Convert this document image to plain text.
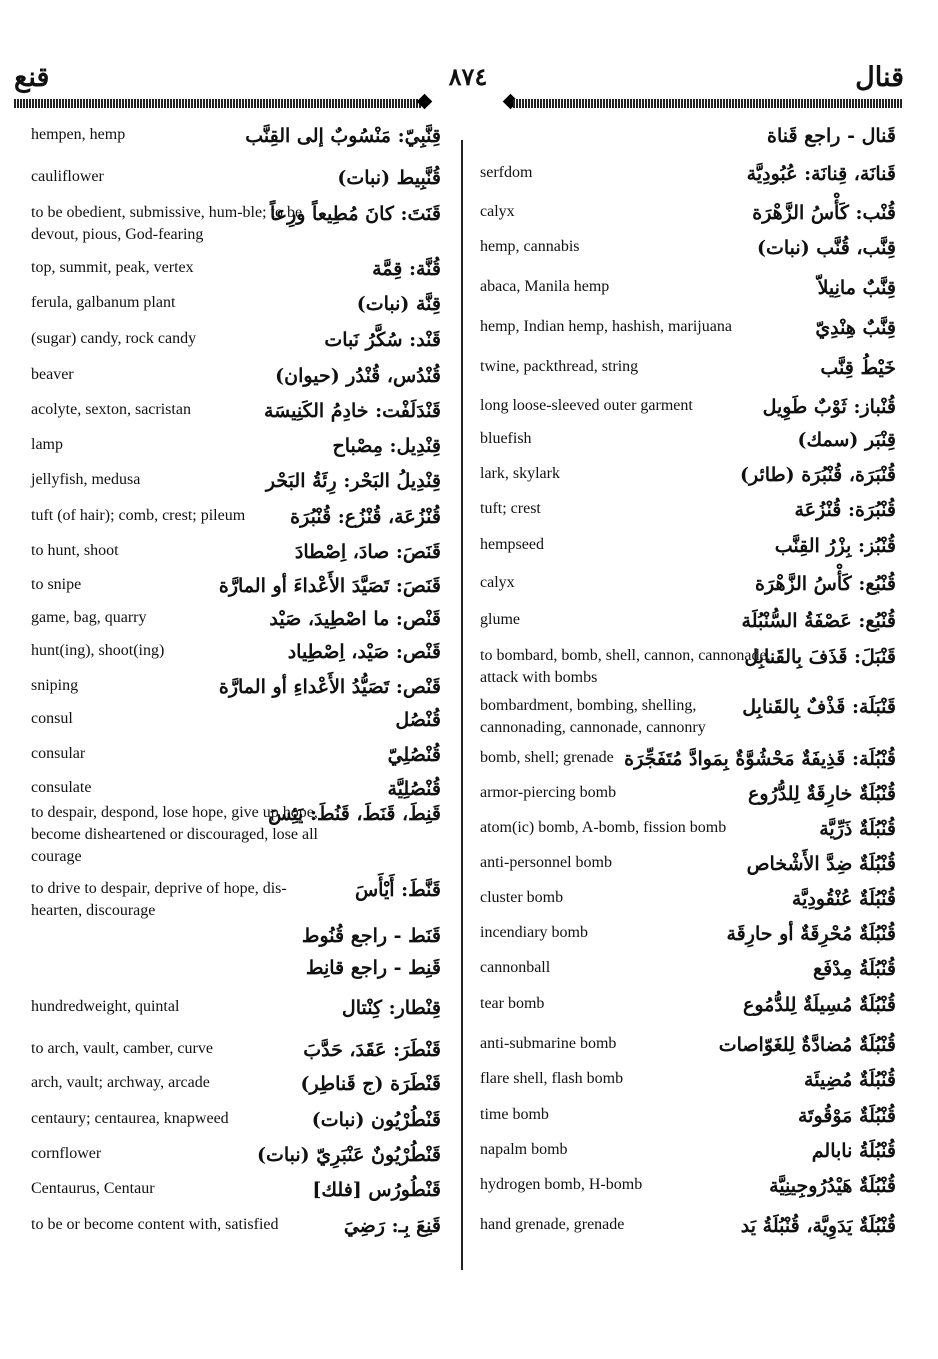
قنع	٨٧٤	قنال
hempen, hemp	قِنَّبِيّ: مَنْسُوبٌ إلى القِنَّب
cauliflower	قُنَّبِيط (نبات)
to be obedient, submissive, hum-ble; to be devout, pious, God-fearing
قَنَتَ: كانَ مُطِيعاً ورِعاً
top, summit, peak, vertex	قُنَّة: قِمَّة
ferula, galbanum plant	قِنَّة (نبات)
(sugar) candy, rock candy	قَنْد: سُكَّرُ نَبات
beaver	قُنْدُس، قُنْدُر (حيوان)
acolyte, sexton, sacristan	قَنْدَلَفْت: خادِمُ الكَنِيسَة
lamp	قِنْدِيل: مِصْباح
jellyfish, medusa	قِنْدِيلُ البَحْر: رِئَةُ البَحْر
tuft (of hair); comb, crest; pileum	قُنْزُعَة، قُنْزُع: قُنْبُرَة
to hunt, shoot	قَنَصَ: صادَ، اِصْطادَ
to snipe	قَنَصَ: تَصَيَّدَ الأَعْداءَ أو المارَّة
game, bag, quarry	قَنْص: ما اصْطِيدَ، صَيْد
hunt(ing), shoot(ing)	قَنْص: صَيْد، اِصْطِياد
sniping	قَنْص: تَصَيُّدُ الأَعْداءِ أو المارَّة
consul	قُنْصُل
consular	قُنْصُلِيّ
consulate	قُنْصُلِيَّة
to despair, despond, lose hope, give up hope, become disheartened or discouraged, lose all courage
قَنِطَ، قَنَطَ، قَنُطَ: يَئِسَ
to drive to despair, deprive of hope, dis-hearten, discourage
قَنَّطَ: أَيْأَسَ
قَنَط - راجع قُنُوط
قَنِط - راجع قانِط
hundredweight, quintal	قِنْطار: كِنْتال
to arch, vault, camber, curve	قَنْطَرَ: عَقَدَ، حَدَّبَ
arch, vault; archway, arcade	قَنْطَرَة (ج قَناطِر)
centaury; centaurea, knapweed	قَنْطُرْيُون (نبات)
cornflower	قَنْطُرْيُونٌ عَنْبَرِيّ (نبات)
Centaurus, Centaur	قَنْطُورُس [فلك]
to be or become content with, satisfied	قَنِعَ بِـ: رَضِيَ
قَنال - راجع قَناة
serfdom	قَنانَة، قِنانَة: عُبُودِيَّة
calyx	قُنْب: كَأْسُ الزَّهْرَة
hemp, cannabis	قِنَّب، قُنَّب (نبات)
abaca, Manila hemp	قِنَّبٌ مانِيلاّ
hemp, Indian hemp, hashish, marijuana	قِنَّبٌ هِنْدِيّ
twine, packthread, string	خَيْطُ قِنَّب
long loose-sleeved outer garment	قُنْباز: ثَوْبٌ طَوِيل
bluefish	قِنْبَر (سمك)
lark, skylark	قُنْبَرَة، قُنْبُرَة (طائر)
tuft; crest	قُنْبُرَة: قُنْزُعَة
hempseed	قُنْبُز: بِزْرُ القِنَّب
calyx	قُنْبُع: كَأْسُ الزَّهْرَة
glume	قُنْبُع: عَصْفَةُ السُّنْبُلَة
to bombard, bomb, shell, cannon, cannonade, attack with bombs
قَنْبَلَ: قَذَفَ بِالقَنابِل
bombardment, bombing, shelling, cannonading, cannonade, cannonry
قَنْبَلَة: قَذْفٌ بِالقَنابِل
bomb, shell; grenade قُنْبُلَة: قَذِيفَةٌ مَحْشُوَّةٌ بِمَوادَّ مُتَفَجِّرَة
armor-piercing bomb	قُنْبُلَةٌ خارِقَةٌ لِلدُّرُوع
atom(ic) bomb, A-bomb, fission bomb	قُنْبُلَةٌ ذَرِّيَّة
anti-personnel bomb	قُنْبُلَةٌ ضِدَّ الأَشْخاص
cluster bomb	قُنْبُلَةٌ عُنْقُودِيَّة
incendiary bomb	قُنْبُلَةٌ مُحْرِقَةٌ أو حارِقَة
cannonball	قُنْبُلَةُ مِدْفَع
tear bomb	قُنْبُلَةٌ مُسِيلَةٌ لِلدُّمُوع
anti-submarine bomb	قُنْبُلَةٌ مُضادَّةٌ لِلغَوّاصات
flare shell, flash bomb	قُنْبُلَةٌ مُضِيئَة
time bomb	قُنْبُلَةٌ مَوْقُوتَة
napalm bomb	قُنْبُلَةُ نابالم
hydrogen bomb, H-bomb	قُنْبُلَةٌ هَيْدُرُوجِينِيَّة
hand grenade, grenade	قُنْبُلَةٌ يَدَوِيَّة، قُنْبُلَةُ يَد
